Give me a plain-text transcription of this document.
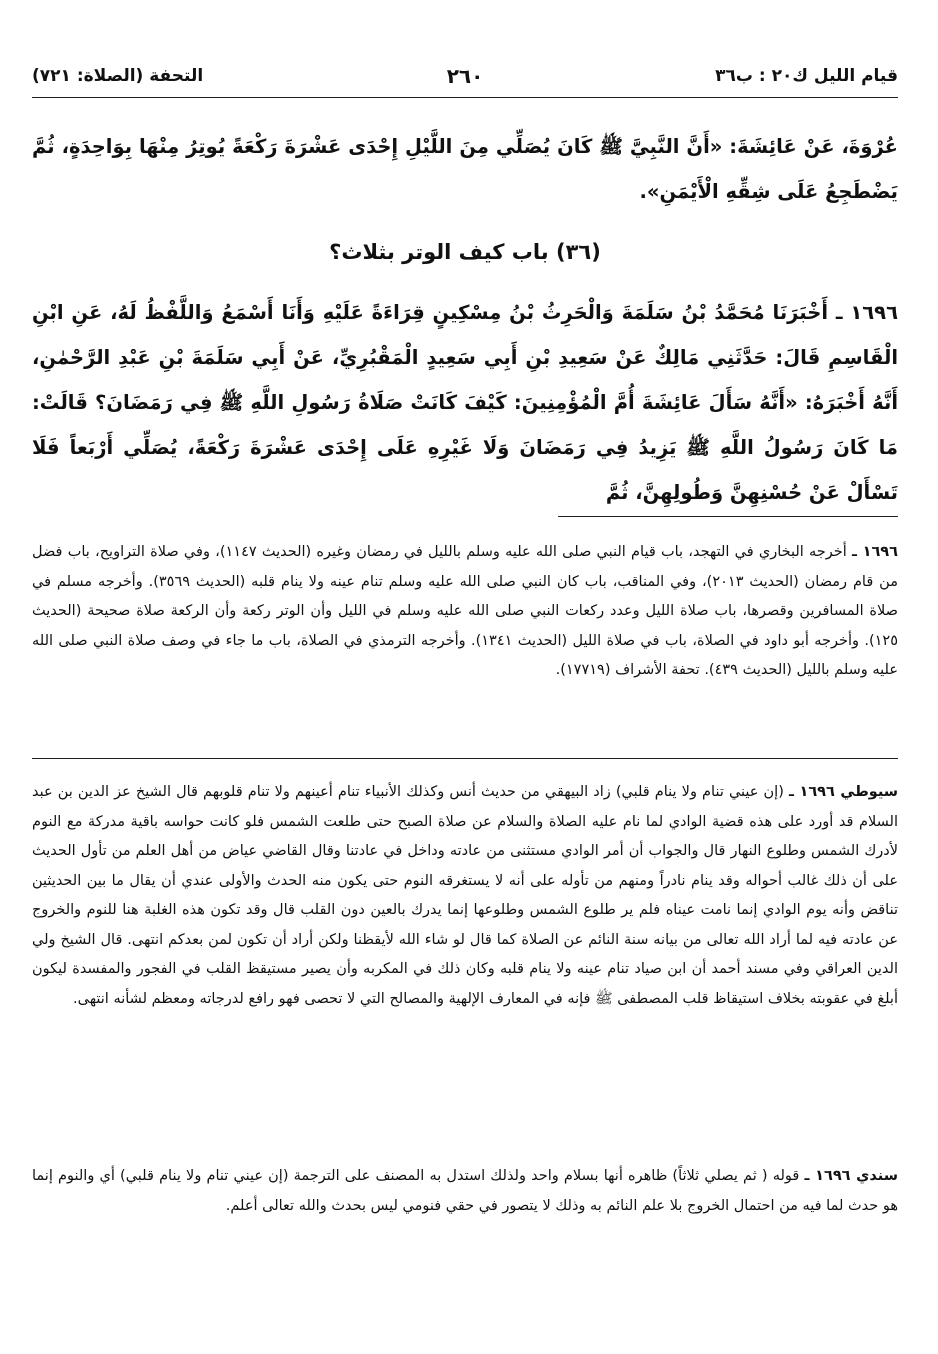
قيام الليل ك٢٠ : ب٣٦
٢٦٠
التحفة (الصلاة: ٧٢١)

عُرْوَةَ، عَنْ عَائِشَةَ: «أَنَّ النَّبِيَّ ﷺ كَانَ يُصَلِّي مِنَ اللَّيْلِ إِحْدَى عَشْرَةَ رَكْعَةً يُوتِرُ مِنْهَا بِوَاحِدَةٍ، ثُمَّ يَضْطَجِعُ عَلَى شِقِّهِ الْأَيْمَنِ».

(٣٦) باب كيف الوتر بثلاث؟

١٦٩٦ ـ أَخْبَرَنَا مُحَمَّدُ بْنُ سَلَمَةَ وَالْحَرِثُ بْنُ مِسْكِينٍ قِرَاءَةً عَلَيْهِ وَأَنَا أَسْمَعُ وَاللَّفْظُ لَهُ، عَنِ ابْنِ الْقَاسِمِ قَالَ: حَدَّثَنِي مَالِكٌ عَنْ سَعِيدِ بْنِ أَبِي سَعِيدٍ الْمَقْبُرِيِّ، عَنْ أَبِي سَلَمَةَ بْنِ عَبْدِ الرَّحْمٰنِ، أَنَّهُ أَخْبَرَهُ: «أَنَّهُ سَأَلَ عَائِشَةَ أُمَّ الْمُؤْمِنِينَ: كَيْفَ كَانَتْ صَلَاةُ رَسُولِ اللَّهِ ﷺ فِي رَمَضَانَ؟ قَالَتْ: مَا كَانَ رَسُولُ اللَّهِ ﷺ يَزِيدُ فِي رَمَضَانَ وَلَا غَيْرِهِ عَلَى إِحْدَى عَشْرَةَ رَكْعَةً، يُصَلِّي أَرْبَعاً فَلَا تَسْأَلْ عَنْ حُسْنِهِنَّ وَطُولِهِنَّ، ثُمَّ

١٦٩٦ ـ أخرجه البخاري في التهجد، باب قيام النبي صلى الله عليه وسلم بالليل في رمضان وغيره (الحديث ١١٤٧)، وفي صلاة التراويح، باب فضل من قام رمضان (الحديث ٢٠١٣)، وفي المناقب، باب كان النبي صلى الله عليه وسلم تنام عينه ولا ينام قلبه (الحديث ٣٥٦٩). وأخرجه مسلم في صلاة المسافرين وقصرها، باب صلاة الليل وعدد ركعات النبي صلى الله عليه وسلم في الليل وأن الوتر ركعة وأن الركعة صلاة صحيحة (الحديث ١٢٥). وأخرجه أبو داود في الصلاة، باب في صلاة الليل (الحديث ١٣٤١). وأخرجه الترمذي في الصلاة، باب ما جاء في وصف صلاة النبي صلى الله عليه وسلم بالليل (الحديث ٤٣٩). تحفة الأشراف (١٧٧١٩).
سيوطي ١٦٩٦ ـ (إن عيني تنام ولا ينام قلبي) زاد البيهقي من حديث أنس وكذلك الأنبياء تنام أعينهم ولا تنام قلوبهم قال الشيخ عز الدين بن عبد السلام قد أورد على هذه قضية الوادي لما نام عليه الصلاة والسلام عن صلاة الصبح حتى طلعت الشمس فلو كانت حواسه باقية مدركة مع النوم لأدرك الشمس وطلوع النهار قال والجواب أن أمر الوادي مستثنى من عادته وداخل في عادتنا وقال القاضي عياض من أهل العلم من تأول الحديث على أن ذلك غالب أحواله وقد ينام نادراً ومنهم من تأوله على أنه لا يستغرقه النوم حتى يكون منه الحدث والأولى عندي أن يقال ما بين الحديثين تناقض وأنه يوم الوادي إنما نامت عيناه فلم ير طلوع الشمس وطلوعها إنما يدرك بالعين دون القلب قال وقد تكون هذه الغلبة هنا للنوم والخروج عن عادته فيه لما أراد الله تعالى من بيانه سنة النائم عن الصلاة كما قال لو شاء الله لأيقظنا ولكن أراد أن تكون لمن بعدكم انتهى. قال الشيخ ولي الدين العراقي وفي مسند أحمد أن ابن صياد تنام عينه ولا ينام قلبه وكان ذلك في المكربه وأن يصير مستيقظ القلب في الفجور والمفسدة ليكون أبلغ في عقوبته بخلاف استيقاظ قلب المصطفى ﷺ فإنه في المعارف الإلهية والمصالح التي لا تحصى فهو رافع لدرجاته ومعظم لشأنه انتهى.
سندي ١٦٩٦ ـ قوله ( ثم يصلي ثلاثاً) ظاهره أنها بسلام واحد ولذلك استدل به المصنف على الترجمة (إن عيني تنام ولا ينام قلبي) أي والنوم إنما هو حدث لما فيه من احتمال الخروج بلا علم النائم به وذلك لا يتصور في حقي فنومي ليس بحدث والله تعالى أعلم.
